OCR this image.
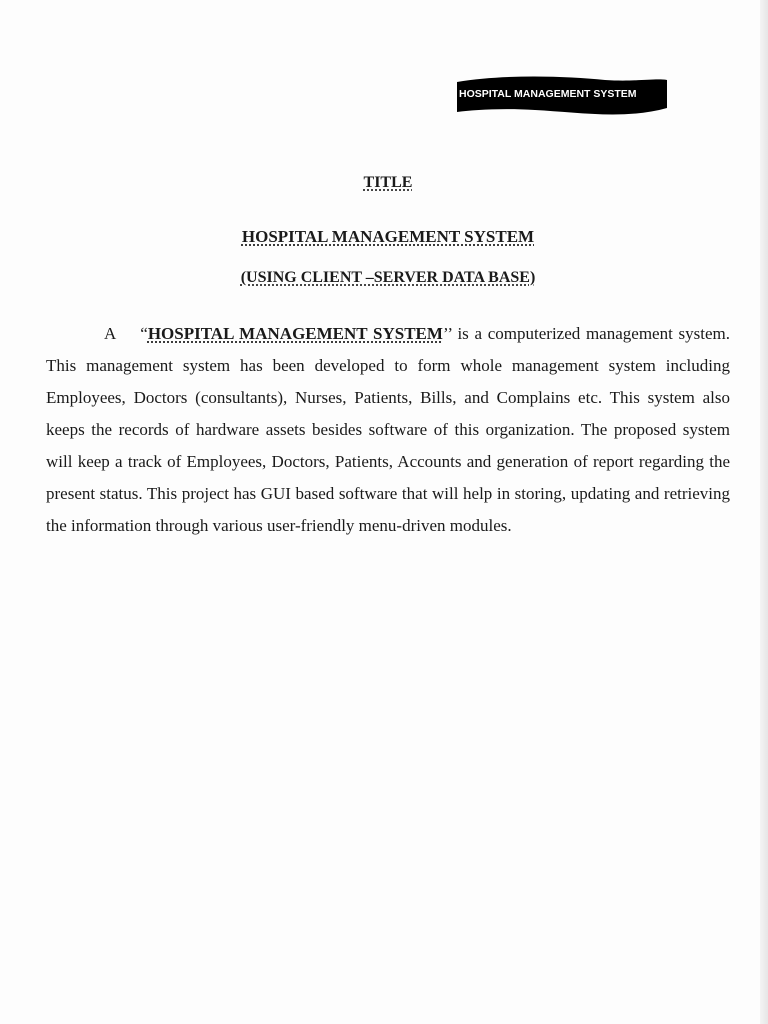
HOSPITAL MANAGEMENT SYSTEM
TITLE
HOSPITAL MANAGEMENT SYSTEM
(USING CLIENT –SERVER DATA BASE)

A “HOSPITAL MANAGEMENT SYSTEM’’ is a computerized management system. This management system has been developed to form whole management system including Employees, Doctors (consultants), Nurses, Patients, Bills, and Complains etc. This system also keeps the records of hardware assets besides software of this organization. The proposed system will keep a track of Employees, Doctors, Patients, Accounts and generation of report regarding the present status. This project has GUI based software that will help in storing, updating and retrieving the information through various user-friendly menu-driven modules.
